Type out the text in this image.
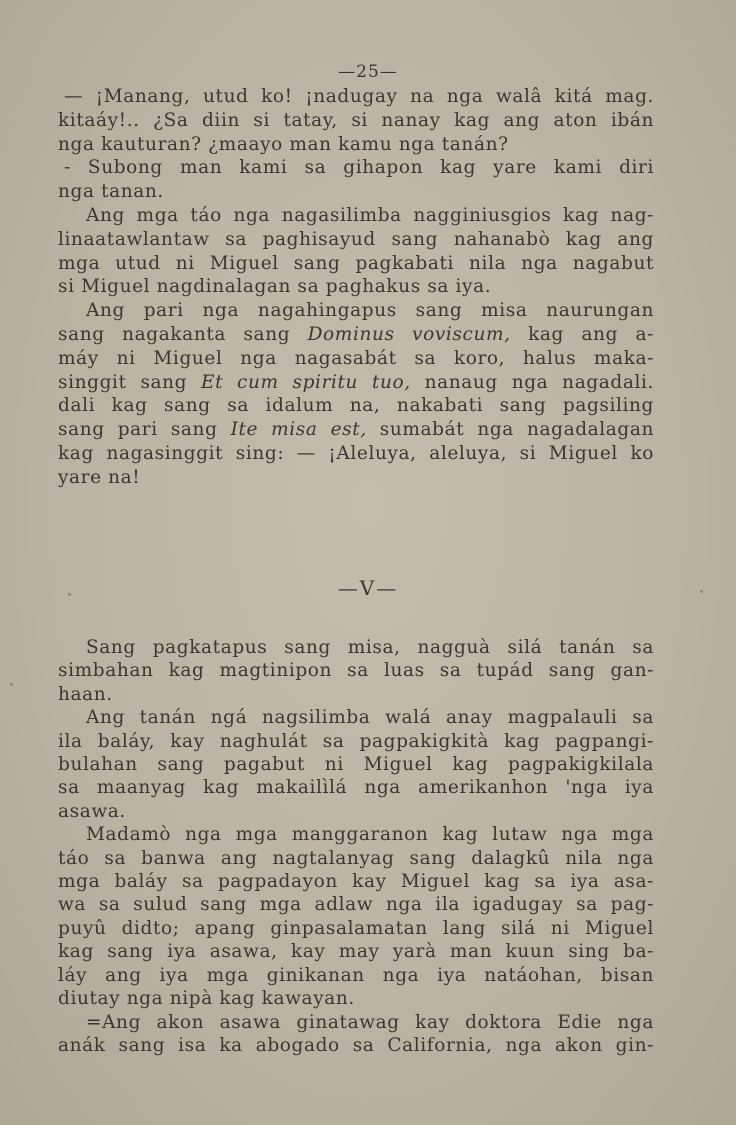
—25—
— ¡Manang, utud ko! ¡nadugay na nga walâ kitá mag.
kitaáy!.. ¿Sa diin si tatay, si nanay kag ang aton ibán
nga kauturan? ¿maayo man kamu nga tanán?
- Subong man kami sa gihapon kag yare kami diri
nga tanan.
Ang mga táo nga nagasilimba nagginiusgios kag nag-
linaatawlantaw sa paghisayud sang nahanabò kag ang
mga utud ni Miguel sang pagkabati nila nga nagabut
si Miguel nagdinalagan sa paghakus sa iya.
Ang pari nga nagahingapus sang misa naurungan
sang nagakanta sang Dominus voviscum, kag ang a-
máy ni Miguel nga nagasabát sa koro, halus maka-
singgit sang Et cum spiritu tuo, nanaug nga nagadali.
dali kag sang sa idalum na, nakabati sang pagsiling
sang pari sang Ite misa est, sumabát nga nagadalagan
kag nagasinggit sing: — ¡Aleluya, aleluya, si Miguel ko
yare na!
—V—
Sang pagkatapus sang misa, nagguà silá tanán sa
simbahan kag magtinipon sa luas sa tupád sang gan-
haan.
Ang tanán ngá nagsilimba walá anay magpalauli sa
ila baláy, kay naghulát sa pagpakigkità kag pagpangi-
bulahan sang pagabut ni Miguel kag pagpakigkilala
sa maanyag kag makailìlá nga amerikanhon 'nga iya
asawa.
Madamò nga mga manggaranon kag lutaw nga mga
táo sa banwa ang nagtalanyag sang dalagkû nila nga
mga baláy sa pagpadayon kay Miguel kag sa iya asa-
wa sa sulud sang mga adlaw nga ila igadugay sa pag-
puyû didto; apang ginpasalamatan lang silá ni Miguel
kag sang iya asawa, kay may yarà man kuun sing ba-
láy ang iya mga ginikanan nga iya natáohan, bisan
diutay nga nipà kag kawayan.
=Ang akon asawa ginatawag kay doktora Edie nga
anák sang isa ka abogado sa California, nga akon gin-
